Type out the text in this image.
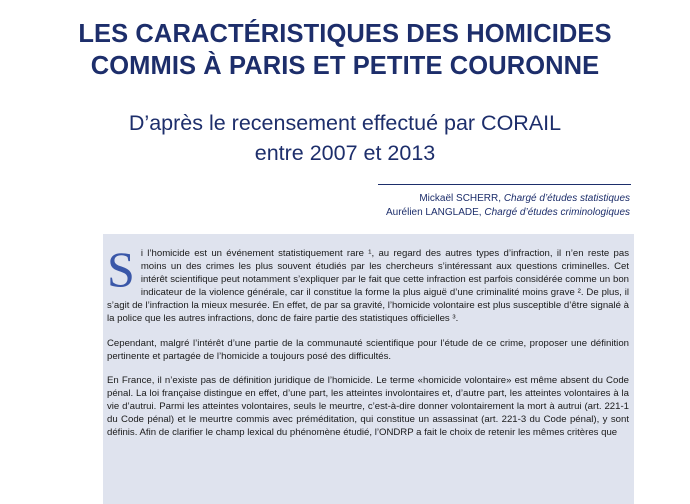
LES CARACTÉRISTIQUES DES HOMICIDES
COMMIS À PARIS ET PETITE COURONNE
D’après le recensement effectué par CORAIL
entre 2007 et 2013
Mickaël SCHERR, Chargé d’études statistiques
Aurélien LANGLADE, Chargé d’études criminologiques

Si l’homicide est un événement statistiquement rare ¹, au regard des autres types d’infraction, il n’en reste pas moins un des crimes les plus souvent étudiés par les chercheurs s’intéressant aux questions criminelles. Cet intérêt scientifique peut notamment s’expliquer par le fait que cette infraction est parfois considérée comme un bon indicateur de la violence générale, car il constitue la forme la plus aiguë d’une criminalité moins grave ². De plus, il s’agit de l’infraction la mieux mesurée. En effet, de par sa gravité, l’homicide volontaire est plus susceptible d’être signalé à la police que les autres infractions, donc de faire partie des statistiques officielles ³.

Cependant, malgré l’intérêt d’une partie de la communauté scientifique pour l’étude de ce crime, proposer une définition pertinente et partagée de l’homicide a toujours posé des difficultés.

En France, il n’existe pas de définition juridique de l’homicide. Le terme «homicide volontaire» est même absent du Code pénal. La loi française distingue en effet, d’une part, les atteintes involontaires et, d’autre part, les atteintes volontaires à la vie d’autrui. Parmi les atteintes volontaires, seuls le meurtre, c’est-à-dire donner volontairement la mort à autrui (art. 221-1 du Code pénal) et le meurtre commis avec préméditation, qui constitue un assassinat (art. 221-3 du Code pénal), y sont définis. Afin de clarifier le champ lexical du phénomène étudié, l’ONDRP a fait le choix de retenir les mêmes critères que
